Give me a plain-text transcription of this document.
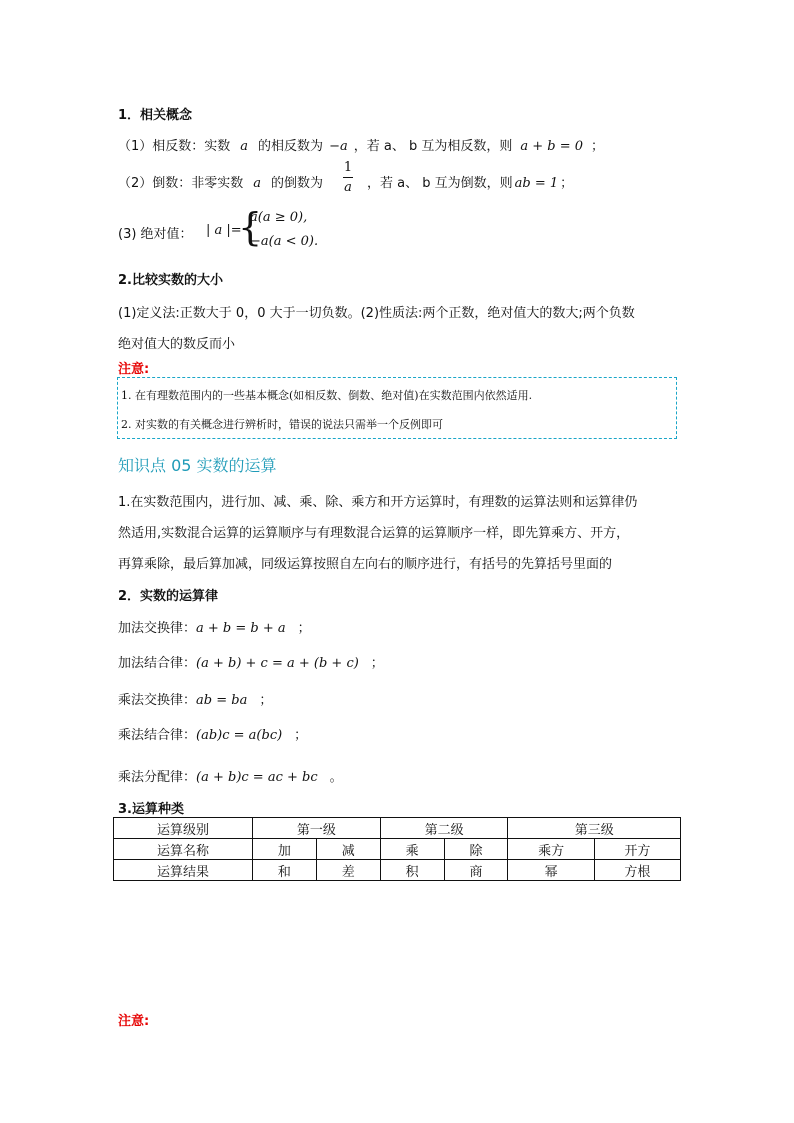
1．相关概念
（1）相反数：实数 a 的相反数为 −a ，若 a、 b 互为相反数，则 a + b = 0 ；
（2）倒数：非零实数 a 的倒数为
1
a ，若 a、 b 互为倒数，则 ab = 1 ；
(3) 绝对值： | a |=
{
a(a ≥ 0),
−a(a < 0).
2.比较实数的大小
(1)定义法:正数大于 0，0 大于一切负数。(2)性质法:两个正数，绝对值大的数大;两个负数
绝对值大的数反而小
注意:
1. 在有理数范围内的一些基本概念(如相反数、倒数、绝对值)在实数范围内依然适用.
2. 对实数的有关概念进行辨析时，错误的说法只需举一个反例即可
知识点 05 实数的运算
1.在实数范围内，进行加、减、乘、除、乘方和开方运算时，有理数的运算法则和运算律仍
然适用,实数混合运算的运算顺序与有理数混合运算的运算顺序一样，即先算乘方、开方，
再算乘除，最后算加减，同级运算按照自左向右的顺序进行，有括号的先算括号里面的
2．实数的运算律
加法交换律：a + b = b + a ；
加法结合律：(a + b) + c = a + (b + c) ；
乘法交换律：ab = ba ；
乘法结合律：(ab)c = a(bc) ；
乘法分配律：(a + b)c = ac + bc 。
3.运算种类
运算级别	第一级		第二级		第三级	
运算名称	加	减	乘	除	乘方	开方
运算结果	和	差	积	商	幂	方根
注意:
